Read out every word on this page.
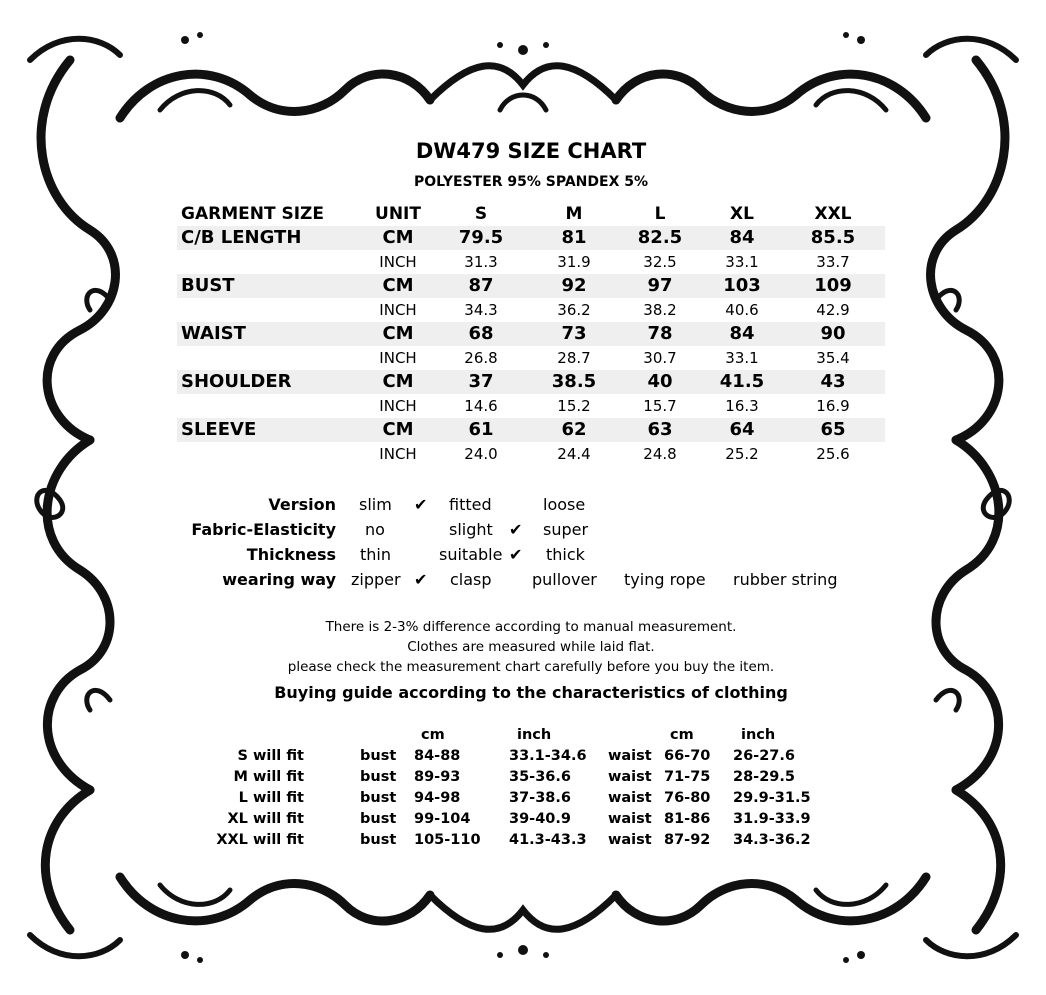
DW479 SIZE CHART
POLYESTER 95% SPANDEX 5%
GARMENT SIZE	UNIT	S	M	L	XL	XXL
C/B LENGTH	CM	79.5	81	82.5	84	85.5
INCH	31.3	31.9	32.5	33.1	33.7
BUST	CM	87	92	97	103	109
INCH	34.3	36.2	38.2	40.6	42.9
WAIST	CM	68	73	78	84	90
INCH	26.8	28.7	30.7	33.1	35.4
SHOULDER	CM	37	38.5	40	41.5	43
INCH	14.6	15.2	15.7	16.3	16.9
SLEEVE	CM	61	62	63	64	65
INCH	24.0	24.4	24.8	25.2	25.6
Version slim ✔ fitted	loose
Fabric-Elasticity no	slight ✔ super
Thickness thin	suitable ✔ thick
wearing way zipper ✔ clasp	pullover tying rope rubber string
There is 2-3% difference according to manual measurement.
Clothes are measured while laid flat.
please check the measurement chart carefully before you buy the item.
Buying guide according to the characteristics of clothing
cm	inch	cm	inch
S will fit	bust 84-88	33.1-34.6 waist 66-70 26-27.6
M will fit	bust 89-93	35-36.6	waist 71-75 28-29.5
L will fit	bust 94-98	37-38.6	waist 76-80 29.9-31.5
XL will fit	bust 99-104	39-40.9	waist 81-86 31.9-33.9
XXL will fit	bust 105-110 41.3-43.3 waist 87-92 34.3-36.2
